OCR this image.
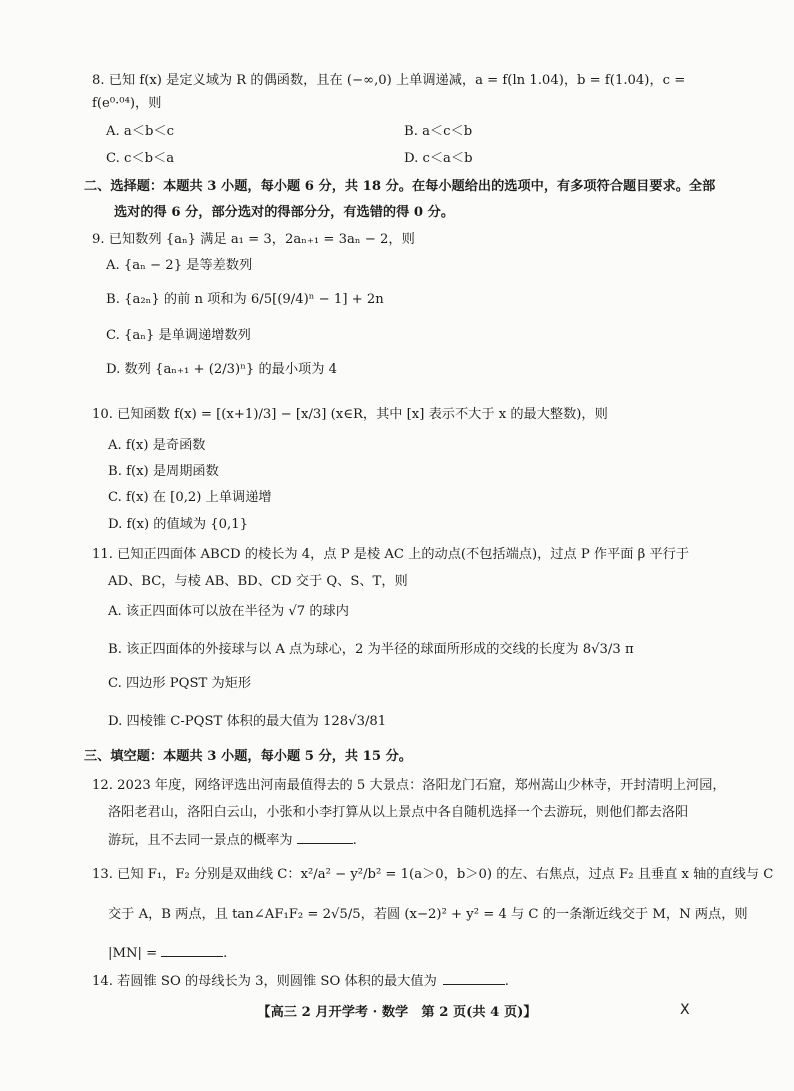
8. 已知 f(x) 是定义域为 R 的偶函数，且在 (−∞,0) 上单调递减，a = f(ln 1.04)，b = f(1.04)，c =
f(e⁰·⁰⁴)，则
A. a＜b＜c	B. a＜c＜b
C. c＜b＜a	D. c＜a＜b
二、选择题：本题共 3 小题，每小题 6 分，共 18 分。在每小题给出的选项中，有多项符合题目要求。全部
选对的得 6 分，部分选对的得部分分，有选错的得 0 分。
9. 已知数列 {aₙ} 满足 a₁ = 3，2aₙ₊₁ = 3aₙ − 2，则
A. {aₙ − 2} 是等差数列
B. {a₂ₙ} 的前 n 项和为 6/5[(9/4)ⁿ − 1] + 2n
C. {aₙ} 是单调递增数列
D. 数列 {aₙ₊₁ + (2/3)ⁿ} 的最小项为 4
10. 已知函数 f(x) = [(x+1)/3] − [x/3] (x∈R，其中 [x] 表示不大于 x 的最大整数)，则
A. f(x) 是奇函数
B. f(x) 是周期函数
C. f(x) 在 [0,2) 上单调递增
D. f(x) 的值域为 {0,1}
11. 已知正四面体 ABCD 的棱长为 4，点 P 是棱 AC 上的动点(不包括端点)，过点 P 作平面 β 平行于
AD、BC，与棱 AB、BD、CD 交于 Q、S、T，则
A. 该正四面体可以放在半径为 √7 的球内
B. 该正四面体的外接球与以 A 点为球心，2 为半径的球面所形成的交线的长度为 8√3/3 π
C. 四边形 PQST 为矩形
D. 四棱锥 C-PQST 体积的最大值为 128√3/81
三、填空题：本题共 3 小题，每小题 5 分，共 15 分。
12. 2023 年度，网络评选出河南最值得去的 5 大景点：洛阳龙门石窟，郑州嵩山少林寺，开封清明上河园，
洛阳老君山，洛阳白云山，小张和小李打算从以上景点中各自随机选择一个去游玩，则他们都去洛阳
游玩，且不去同一景点的概率为	.
13. 已知 F₁，F₂ 分别是双曲线 C：x²/a² − y²/b² = 1(a＞0，b＞0) 的左、右焦点，过点 F₂ 且垂直 x 轴的直线与 C
交于 A，B 两点，且 tan∠AF₁F₂ = 2√5/5，若圆 (x−2)² + y² = 4 与 C 的一条渐近线交于 M，N 两点，则
|MN| =	.
14. 若圆锥 SO 的母线长为 3，则圆锥 SO 体积的最大值为	.
【高三 2 月开学考 · 数学　第 2 页(共 4 页)】	X
